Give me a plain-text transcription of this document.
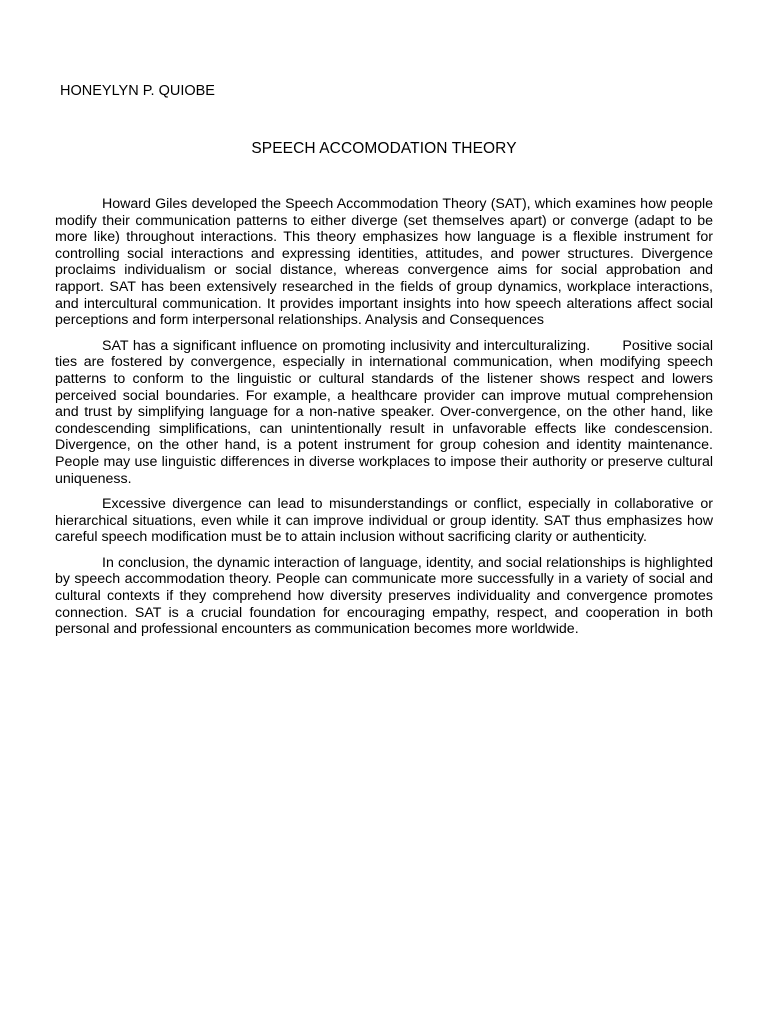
HONEYLYN P. QUIOBE
SPEECH ACCOMODATION THEORY

Howard Giles developed the Speech Accommodation Theory (SAT), which examines how people modify their communication patterns to either diverge (set themselves apart) or converge (adapt to be more like) throughout interactions. This theory emphasizes how language is a flexible instrument for controlling social interactions and expressing identities, attitudes, and power structures. Divergence proclaims individualism or social distance, whereas convergence aims for social approbation and rapport. SAT has been extensively researched in the fields of group dynamics, workplace interactions, and intercultural communication. It provides important insights into how speech alterations affect social perceptions and form interpersonal relationships. Analysis and Consequences

SAT has a significant influence on promoting inclusivity and interculturalizing.       Positive social ties are fostered by convergence, especially in international communication, when modifying speech patterns to conform to the linguistic or cultural standards of the listener shows respect and lowers perceived social boundaries. For example, a healthcare provider can improve mutual comprehension and trust by simplifying language for a non-native speaker. Over-convergence, on the other hand, like condescending simplifications, can unintentionally result in unfavorable effects like condescension. Divergence, on the other hand, is a potent instrument for group cohesion and identity maintenance. People may use linguistic differences in diverse workplaces to impose their authority or preserve cultural uniqueness.

Excessive divergence can lead to misunderstandings or conflict, especially in collaborative or hierarchical situations, even while it can improve individual or group identity. SAT thus emphasizes how careful speech modification must be to attain inclusion without sacrificing clarity or authenticity.

In conclusion, the dynamic interaction of language, identity, and social relationships is highlighted by speech accommodation theory. People can communicate more successfully in a variety of social and cultural contexts if they comprehend how diversity preserves individuality and convergence promotes connection. SAT is a crucial foundation for encouraging empathy, respect, and cooperation in both personal and professional encounters as communication becomes more worldwide.
